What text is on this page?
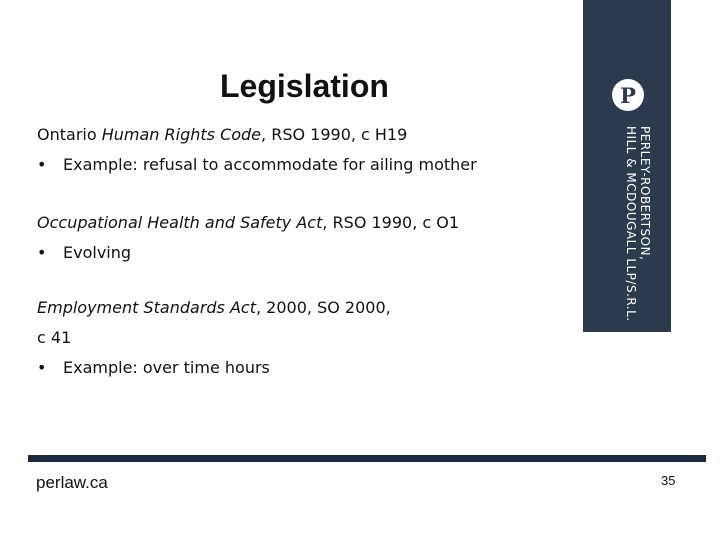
Legislation
Ontario Human Rights Code, RSO 1990, c H19
• Example: refusal to accommodate for ailing mother
Occupational Health and Safety Act, RSO 1990, c O1
• Evolving
Employment Standards Act, 2000, SO 2000,
c 41
• Example: over time hours
P
PERLEY-ROBERTSON,
HILL & MCDOUGALL LLP/S.R.L.
perlaw.ca	35
